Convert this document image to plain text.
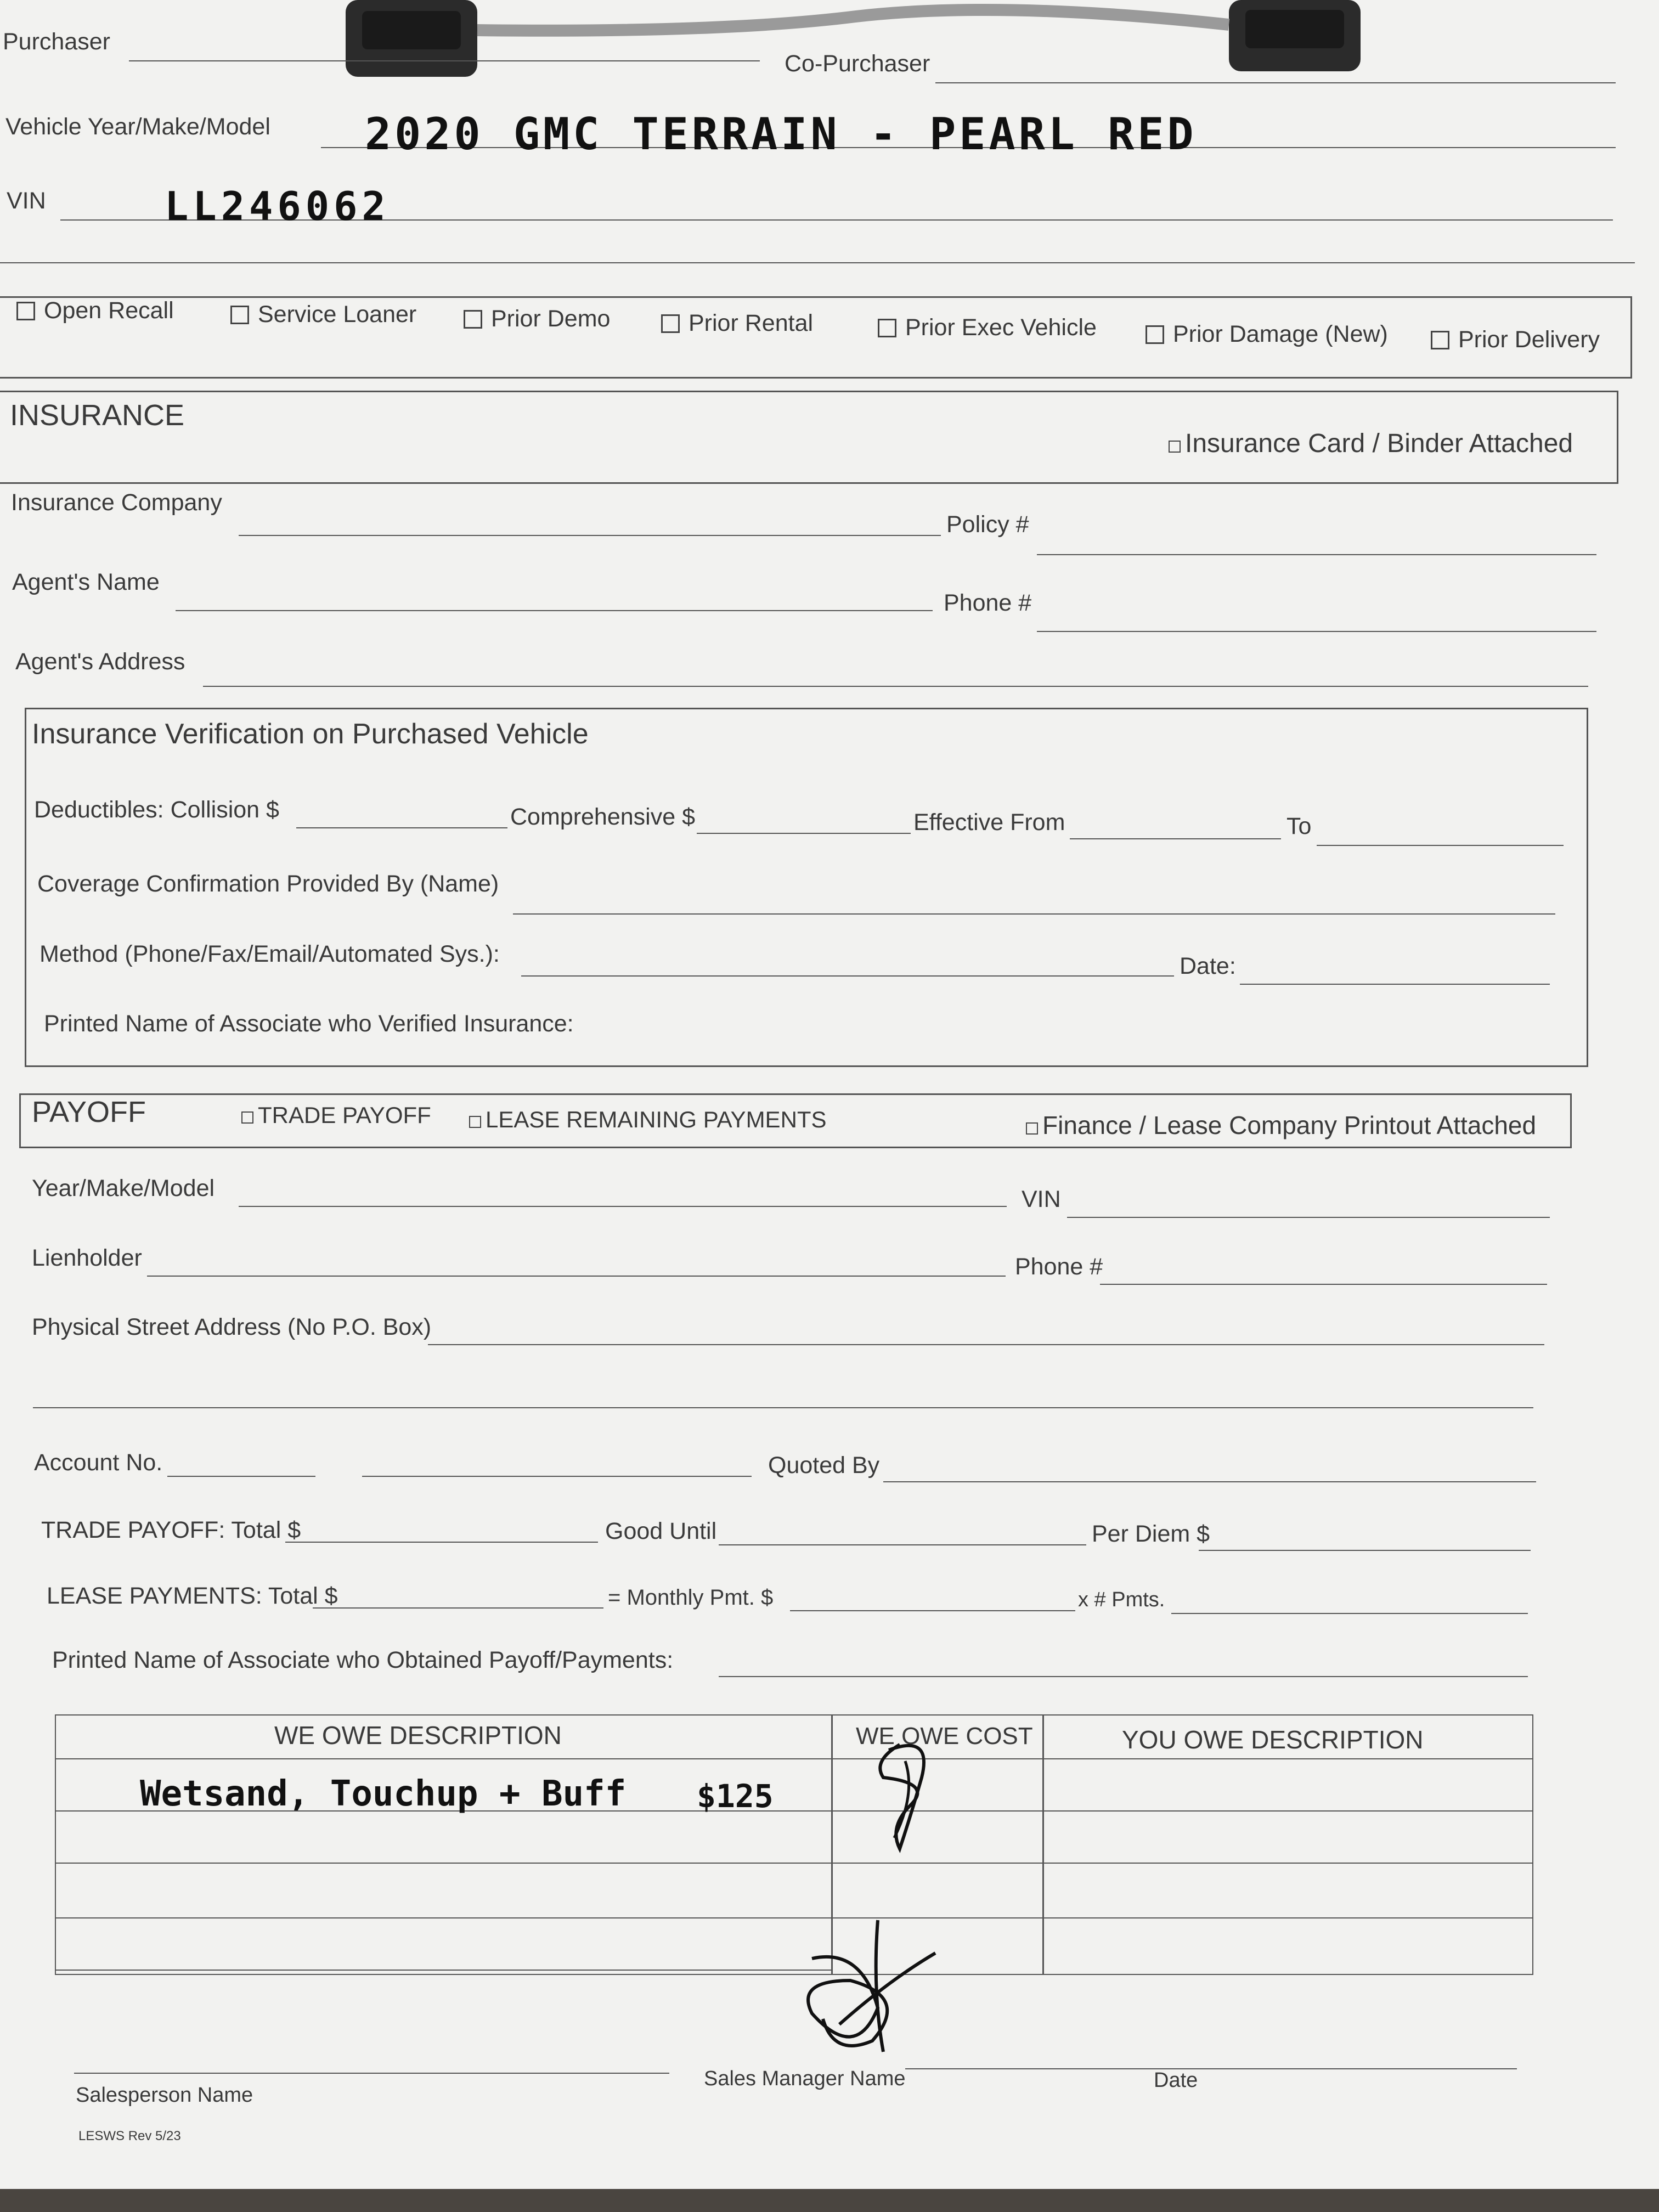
Purchaser
Co-Purchaser
Vehicle Year/Make/Model 2020 GMC TERRAIN - PEARL RED
VIN	LL246062
Open Recall	Service Loaner	Prior Demo	Prior Rental	Prior Exec Vehicle	Prior Damage (New)	Prior Delivery
INSURANCE
Insurance Card / Binder Attached
Insurance Company
Policy #
Agent's Name
Phone #
Agent's Address
Insurance Verification on Purchased Vehicle
Deductibles: Collision $	Comprehensive $	Effective From	To
Coverage Confirmation Provided By (Name)
Method (Phone/Fax/Email/Automated Sys.):	Date:
Printed Name of Associate who Verified Insurance:
PAYOFF	TRADE PAYOFF	LEASE REMAINING PAYMENTS	Finance / Lease Company Printout Attached
Year/Make/Model	VIN
Lienholder	Phone #
Physical Street Address (No P.O. Box)
Account No.	Quoted By
TRADE PAYOFF: Total $	Good Until	Per Diem $
LEASE PAYMENTS: Total $	= Monthly Pmt. $	x # Pmts.
Printed Name of Associate who Obtained Payoff/Payments:
WE OWE DESCRIPTION	WE OWE COST	YOU OWE DESCRIPTION
Wetsand, Touchup + Buff $125
Salesperson Name
Sales Manager Name	Date
LESWS Rev 5/23
